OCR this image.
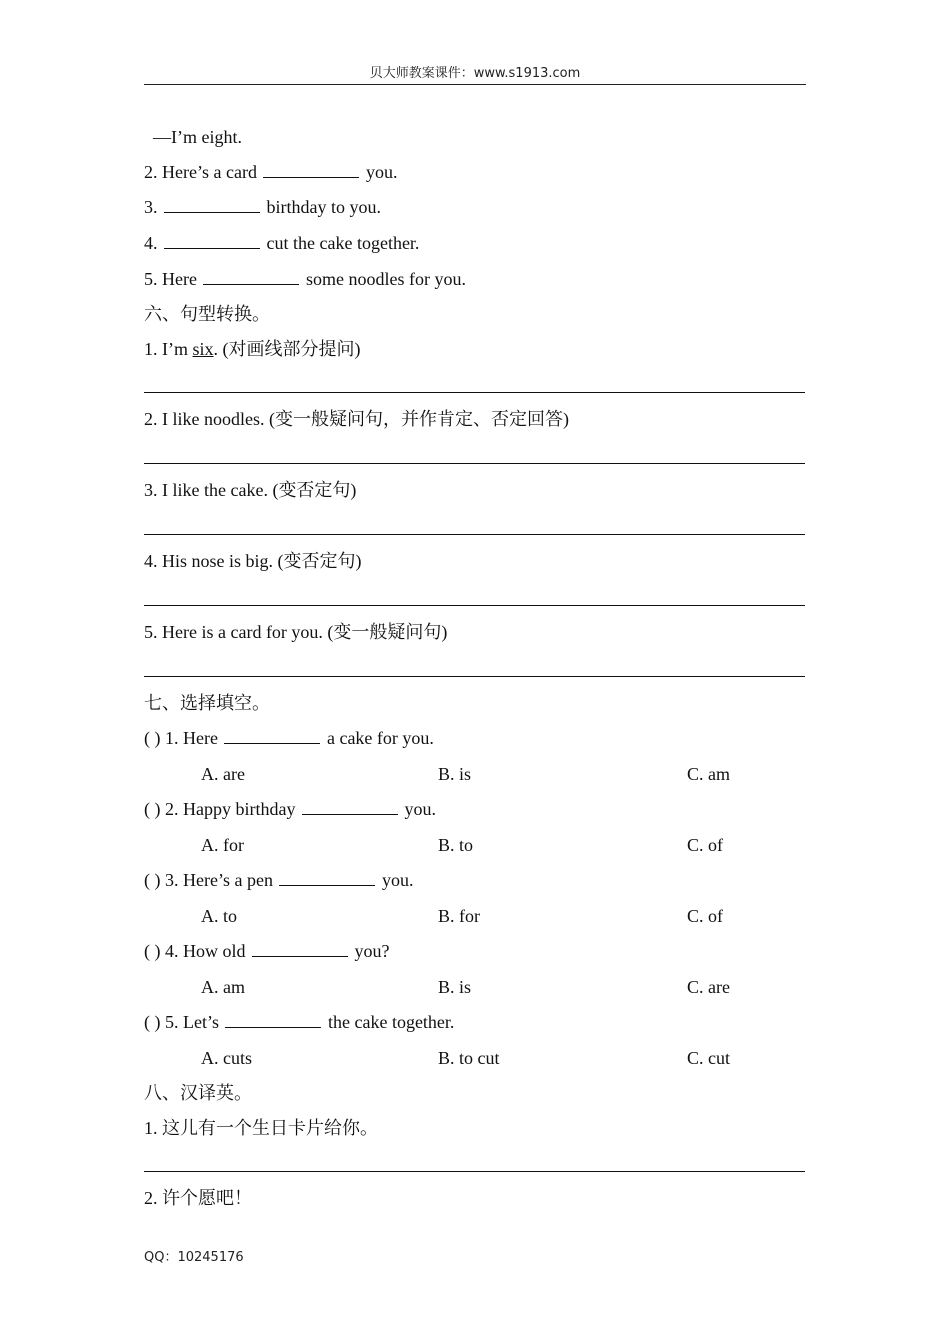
贝大师教案课件：www.s1913.com
—I’m eight.
2. Here’s a card	you.
3.	birthday to you.
4.	cut the cake together.
5. Here	some noodles for you.
六、句型转换。
1. I’m six. (对画线部分提问)
2. I like noodles. (变一般疑问句，并作肯定、否定回答)
3. I like the cake. (变否定句)
4. His nose is big. (变否定句)
5. Here is a card for you. (变一般疑问句)
七、选择填空。
( ) 1. Here	a cake for you.
A. are	B. is	C. am
( ) 2. Happy birthday	you.
A. for	B. to	C. of
( ) 3. Here’s a pen	you.
A. to	B. for	C. of
( ) 4. How old	you?
A. am	B. is	C. are
( ) 5. Let’s	the cake together.
A. cuts	B. to cut	C. cut
八、汉译英。
1. 这儿有一个生日卡片给你。
2. 许个愿吧！
QQ：10245176
